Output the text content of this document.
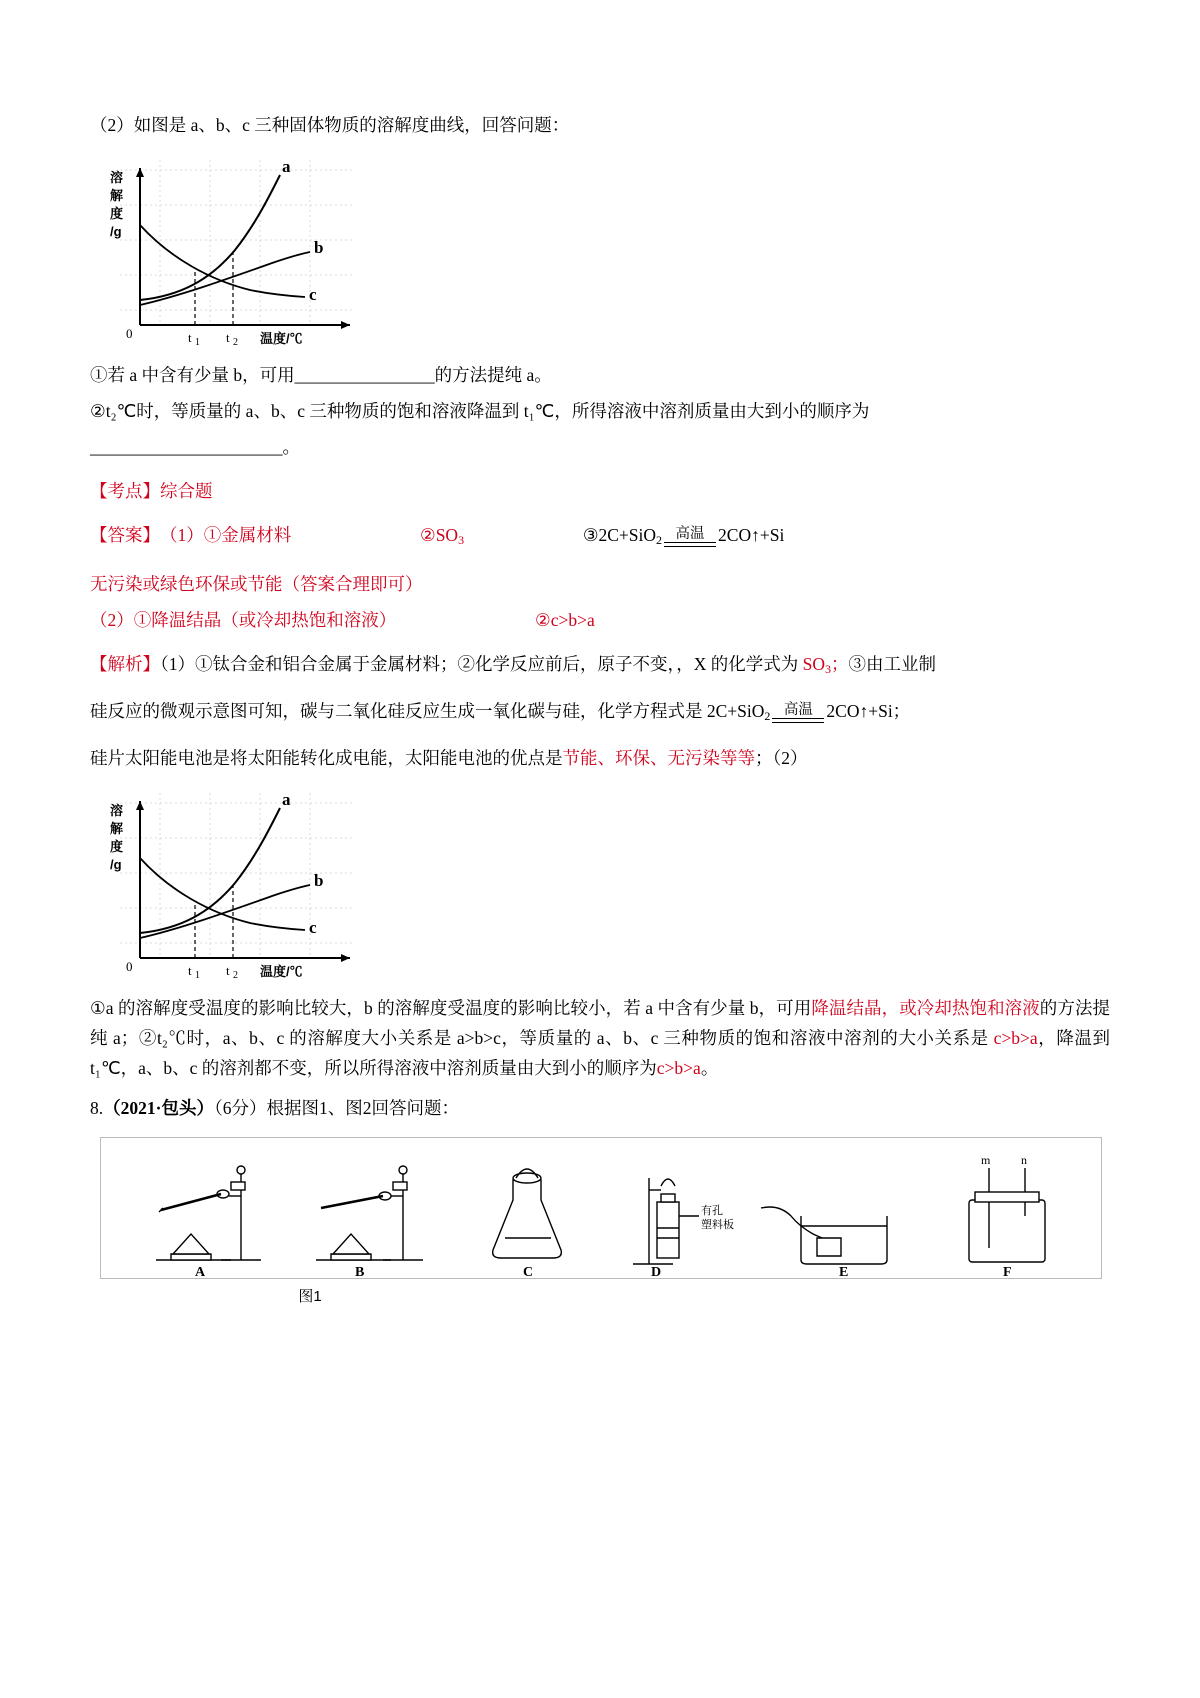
（2）如图是 a、b、c 三种固体物质的溶解度曲线，回答问题：

a
b
c
0	t 1 t 2 温度/℃
溶
解
度
/g

①若 a 中含有少量 b，可用________________的方法提纯 a。

②t₂℃时，等质量的 a、b、c 三种物质的饱和溶液降温到 t₁℃，所得溶液中溶剂质量由大到小的顺序为

______________________。

【考点】综合题

【答案】（1）①金属材料	②SO3	③2C+SiO2 高温 2CO↑+Si

无污染或绿色环保或节能（答案合理即可）

（2）①降温结晶（或冷却热饱和溶液）	②c>b>a

【解析】（1）①钛合金和铝合金属于金属材料；②化学反应前后，原子不变，，X 的化学式为 $SO_3$；③由工业制

硅反应的微观示意图可知，碳与二氧化硅反应生成一氧化碳与硅，化学方程式是 2C+SiO$_2$ 高温 2CO↑+Si；

硅片太阳能电池是将太阳能转化成电能，太阳能电池的优点是节能、环保、无污染等等；（2）

a
b
c
0	t 1 t 2 温度/℃
溶
解
度
/g

①a 的溶解度受温度的影响比较大，b 的溶解度受温度的影响比较小，若 a 中含有少量 b，可用降温结晶，或冷却热饱和溶液的方法提纯 a；②t₂℃时，a、b、c 的溶解度大小关系是 a>b>c，等质量的 a、b、c 三种物质的饱和溶液中溶剂的大小关系是 c>b>a，降温到 t₁℃，a、b、c 的溶剂都不变，所以所得溶液中溶剂质量由大到小的顺序为c>b>a。

8.（2021·包头）（6分）根据图1、图2回答问题：

A	B	C	D	E	F
m	n
有孔
塑料板
图1
